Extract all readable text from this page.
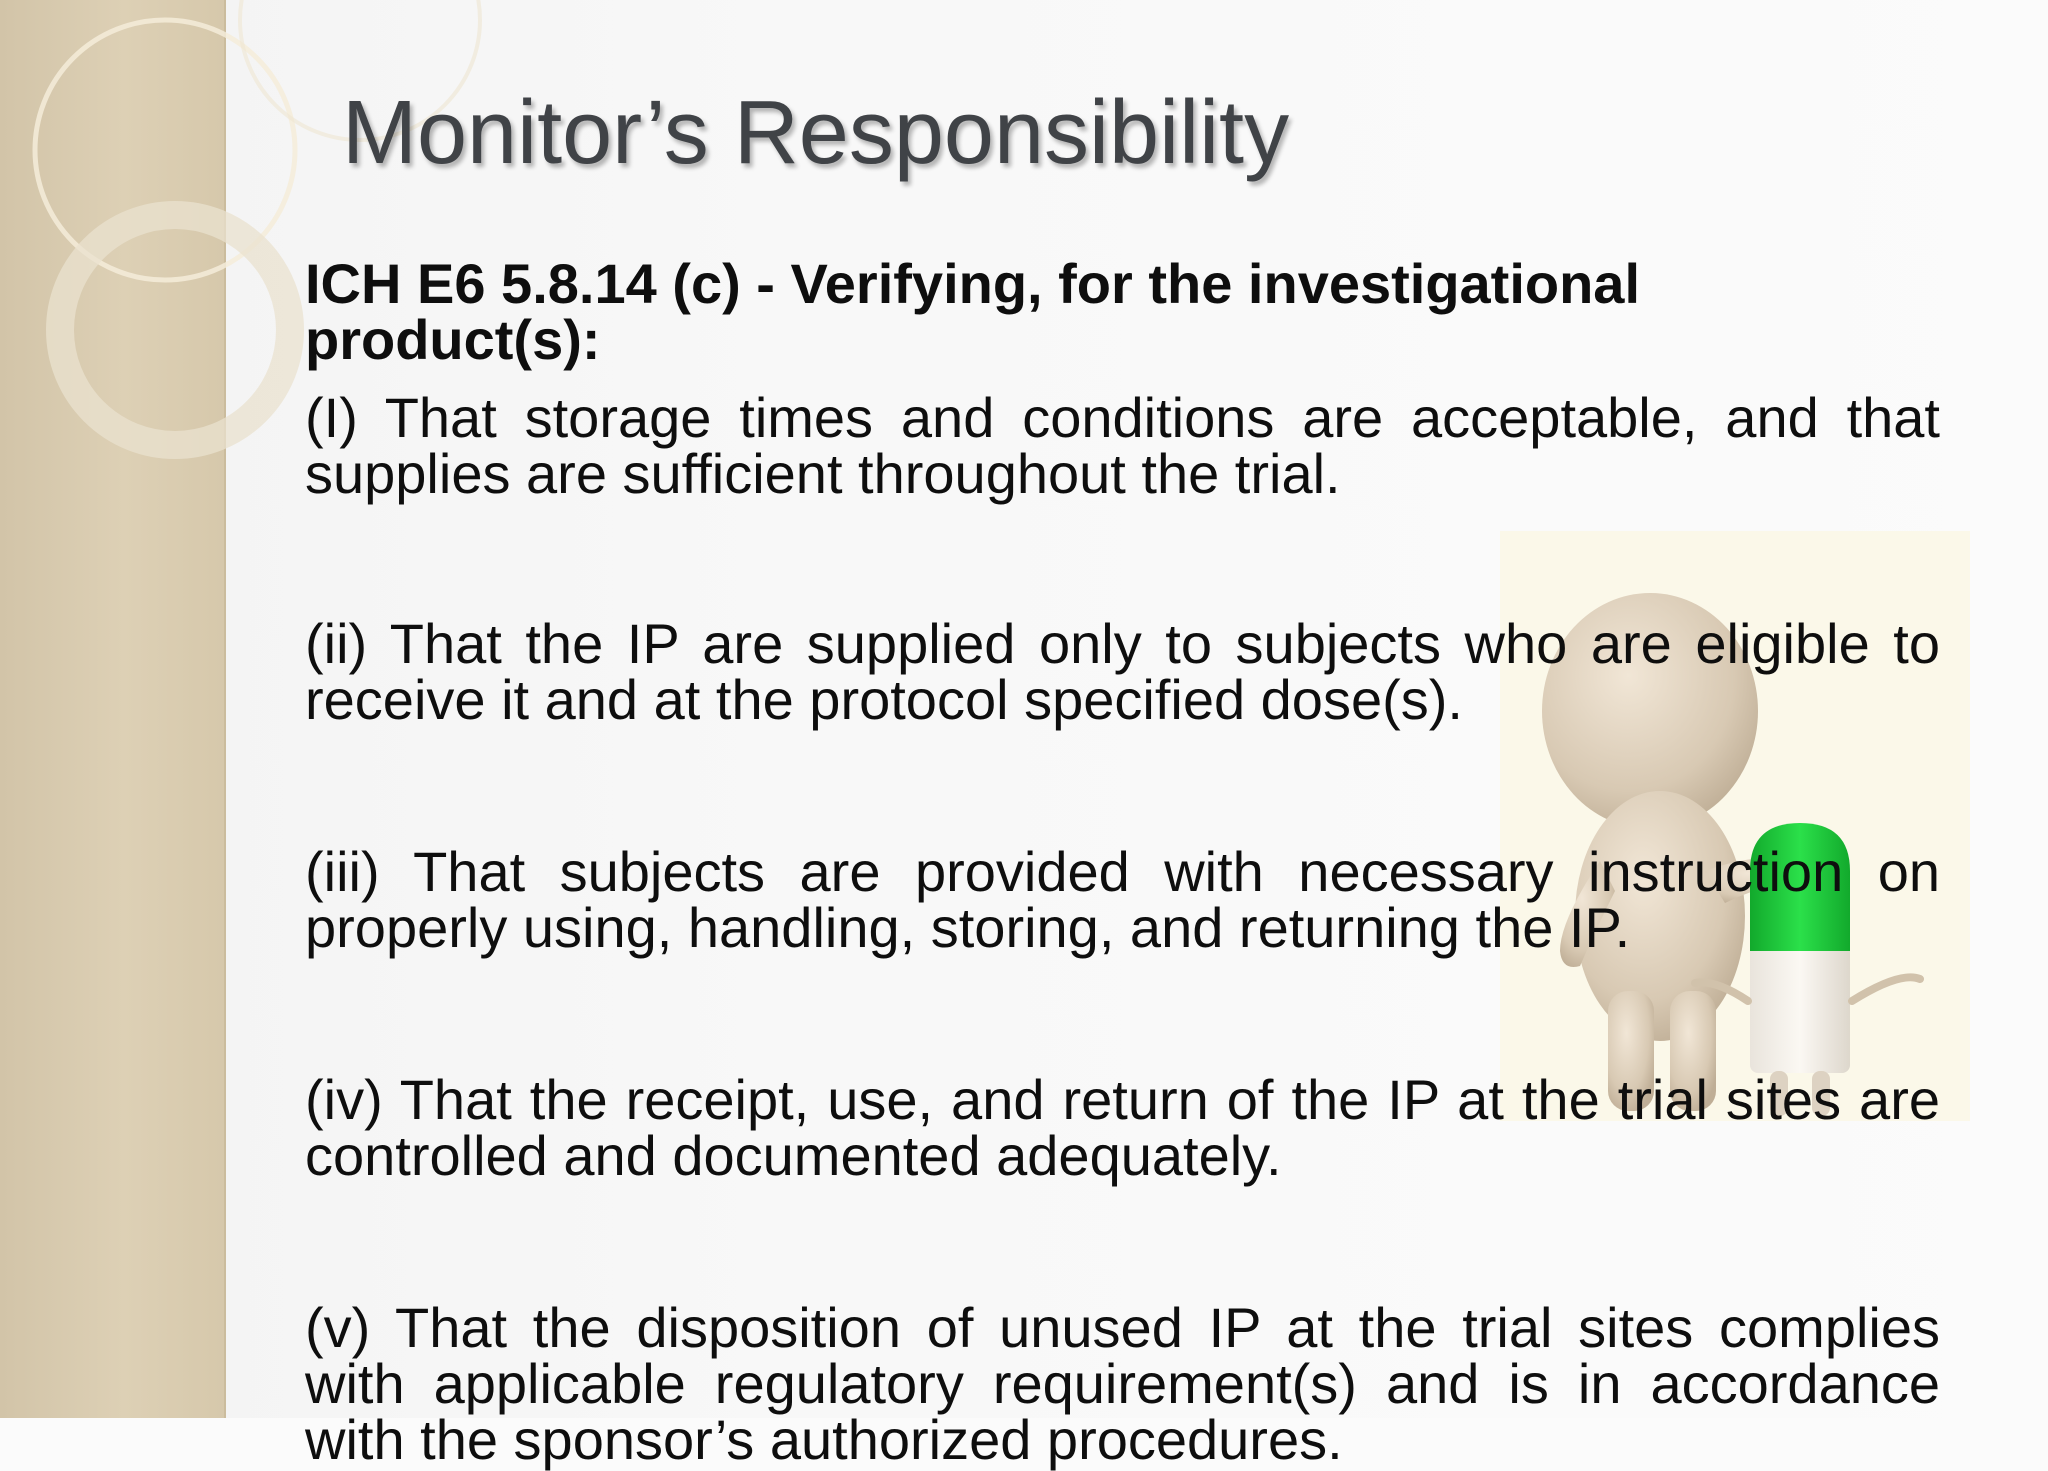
Monitor’s Responsibility
ICH E6 5.8.14 (c) - Verifying, for the investigational product(s):
(I) That storage times and conditions are acceptable, and that supplies are sufficient throughout the trial.
(ii) That the IP are supplied only to subjects who are eligible to receive it and at the protocol specified dose(s).
(iii) That subjects are provided with necessary instruction on properly using, handling, storing, and returning the IP.
(iv) That the receipt, use, and return of the IP at the trial sites are controlled and documented adequately.
(v) That the disposition of unused IP at the trial sites complies with applicable regulatory requirement(s) and is in accordance with the sponsor’s authorized procedures.
